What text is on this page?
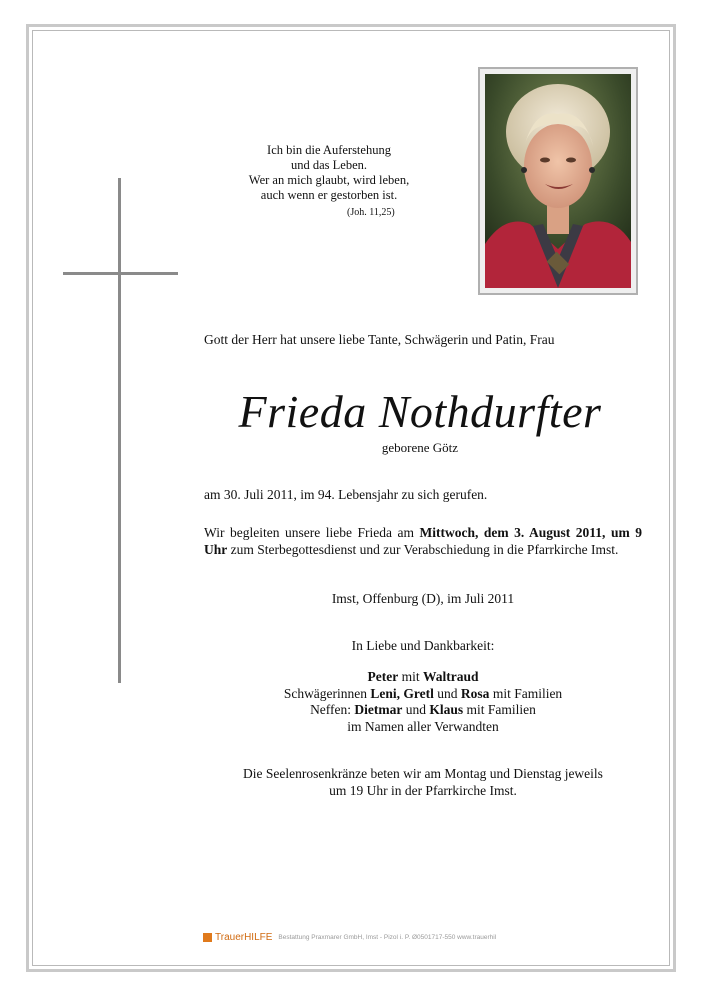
Ich bin die Auferstehung
und das Leben.
Wer an mich glaubt, wird leben,
auch wenn er gestorben ist.
(Joh. 11,25)
Gott der Herr hat unsere liebe Tante, Schwägerin und Patin, Frau
Frieda Nothdurfter
geborene Götz
am 30. Juli 2011, im 94. Lebensjahr zu sich gerufen.
Wir begleiten unsere liebe Frieda am Mittwoch, dem 3. August 2011, um 9 Uhr zum Sterbegottesdienst und zur Verabschiedung in die Pfarrkirche Imst.
Imst, Offenburg (D), im Juli 2011
In Liebe und Dankbarkeit:
Peter mit Waltraud
Schwägerinnen Leni, Gretl und Rosa mit Familien
Neffen: Dietmar und Klaus mit Familien
im Namen aller Verwandten
Die Seelenrosenkränze beten wir am Montag und Dienstag jeweils
um 19 Uhr in der Pfarrkirche Imst.
TrauerHILFE Bestattung Praxmarer GmbH, Imst - Pizol i. P. Ø0501717-550 www.trauerhil
